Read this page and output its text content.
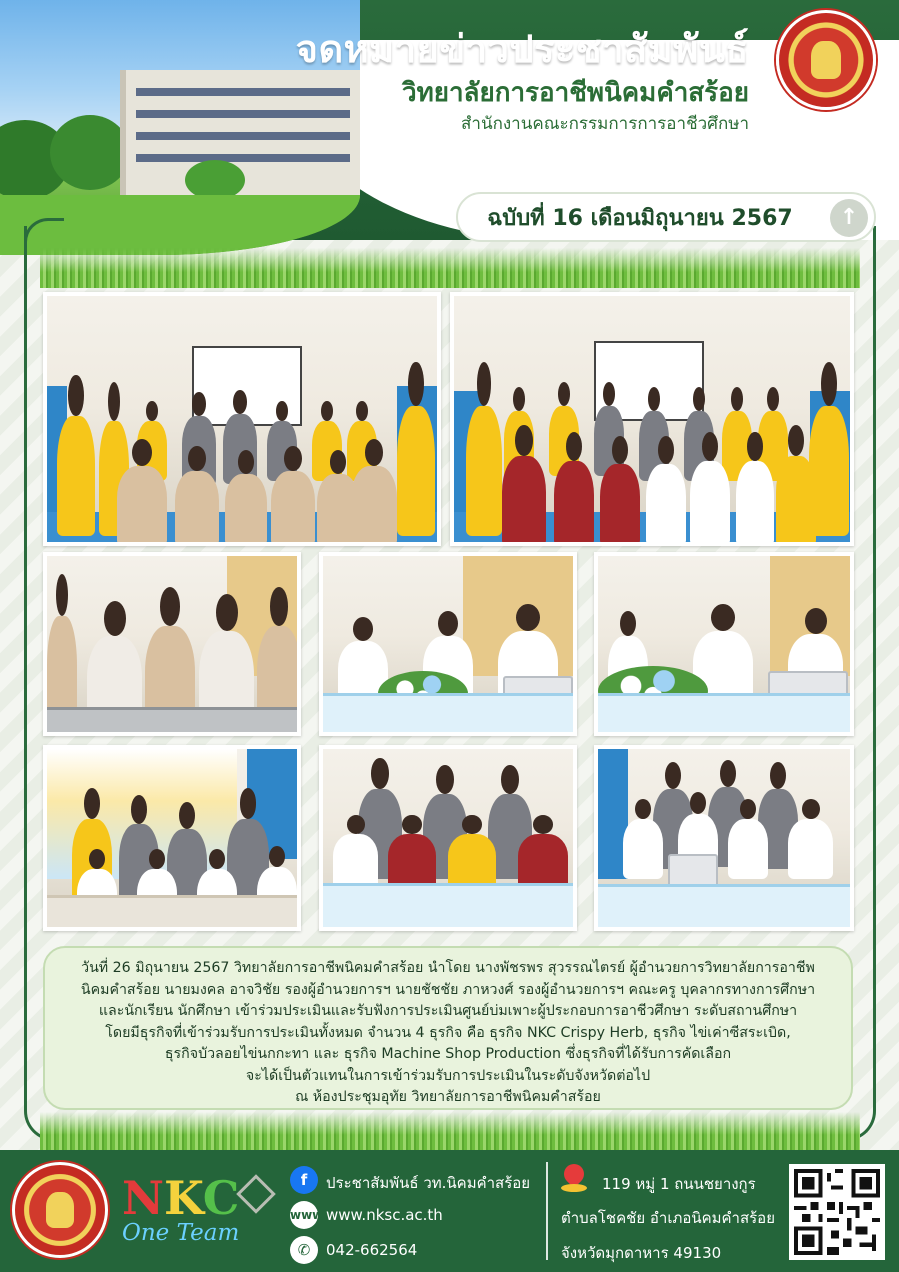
จดหมายข่าวประชาสัมพันธ์
วิทยาลัยการอาชีพนิคมคำสร้อย
สำนักงานคณะกรรมการการอาชีวศึกษา
ฉบับที่ 16 เดือนมิถุนายน 2567	↑

วันที่ 26 มิถุนายน 2567 วิทยาลัยการอาชีพนิคมคำสร้อย นำโดย นางพัชรพร สุวรรณไตรย์ ผู้อำนวยการวิทยาลัยการอาชีพ

นิคมคำสร้อย นายมงคล อาจวิชัย รองผู้อำนวยการฯ นายชัชชัย ภาหวงศ์ รองผู้อำนวยการฯ คณะครู บุคลากรทางการศึกษา

และนักเรียน นักศึกษา เข้าร่วมประเมินและรับฟังการประเมินศูนย์บ่มเพาะผู้ประกอบการอาชีวศึกษา ระดับสถานศึกษา

โดยมีธุรกิจที่เข้าร่วมรับการประเมินทั้งหมด จำนวน 4 ธุรกิจ คือ ธุรกิจ NKC Crispy Herb, ธุรกิจ ไข่เค่าซีสระเบิด,

ธุรกิจบัวลอยไข่นกกะทา และ ธุรกิจ Machine Shop Production ซึ่งธุรกิจที่ได้รับการคัดเลือก

จะได้เป็นตัวแทนในการเข้าร่วมรับการประเมินในระดับจังหวัดต่อไป

ณ ห้องประชุมอุทัย วิทยาลัยการอาชีพนิคมคำสร้อย

NKC
One Team
f	ประชาสัมพันธ์ วท.นิคมคำสร้อย
www www.nksc.ac.th
✆	042-662564
119 หมู่ 1 ถนนชยางกูร
ตำบลโชคชัย อำเภอนิคมคำสร้อย
จังหวัดมุกดาหาร 49130
